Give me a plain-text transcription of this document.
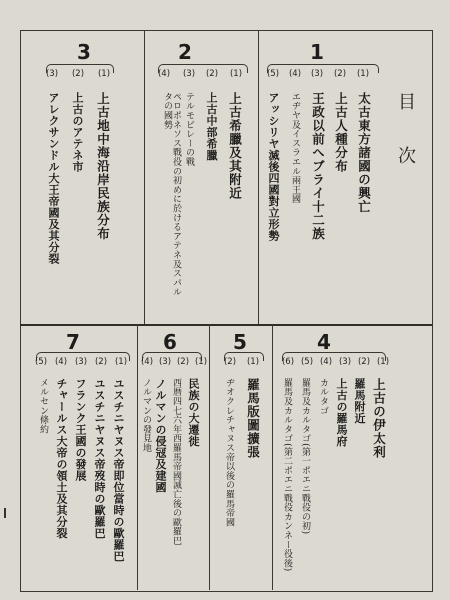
目次
1
(5)	(4)	(3)	(2)	(1)
太古東方諸國の興亡
上古人種分布
王政以前へブライ十二族
エヂヤ及イスラエル兩王國
アッシリヤ滅後四國對立形勢
2
(4)	(3)	(2)	(1)
上古希臘及其附近
上古中部希臘
テルモピレーの戰
ペロポネソス戰役の初めに於けるアテネ及スパルタの國勢
3
(3)	(2)	(1)
上古地中海沿岸民族分布
上古のアテネ市
アレクサンドル大王帝國及其分裂
4
(6) (5) (4) (3) (2) (1)
上古の伊太利
羅馬附近
上古の羅馬府
カルタゴ
羅馬及カルタゴ(第一ポエニ戰役の初)
羅馬及カルタゴ(第二ポエニ戰役カンネー役後)
5
(2)	(1)
羅馬版圖擴張
ヂオクレチャヌス帝以後の羅馬帝國
6
(4) (3) (2) (1)
民族の大遷徙
西暦四七六年西羅馬帝國滅亡後の歐羅巴
ノルマンの侵冦及建國
ノルマンの發見地
7
(5) (4) (3) (2) (1)
ユスチニヤヌス帝即位當時の歐羅巴
ユスチニヤヌス帝歿時の歐羅巴
フランク王國の發展
チャールス大帝の領土及其分裂
メルセン條約
